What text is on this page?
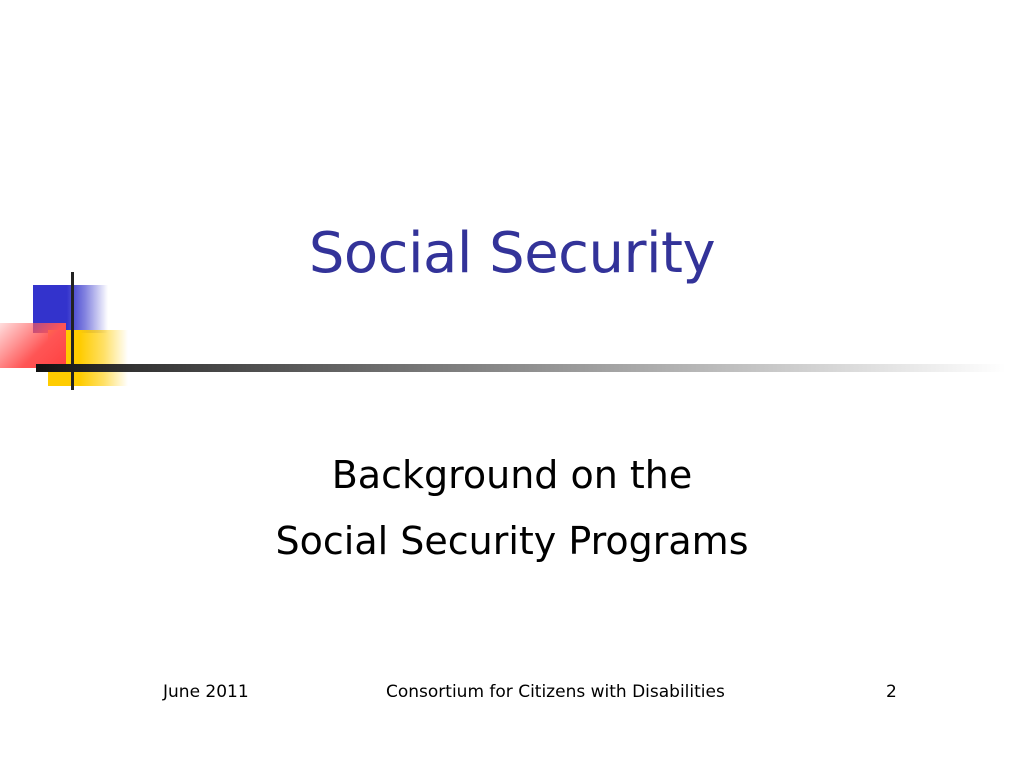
Social Security
Background on the
Social Security Programs
June 2011	Consortium for Citizens with Disabilities	2
